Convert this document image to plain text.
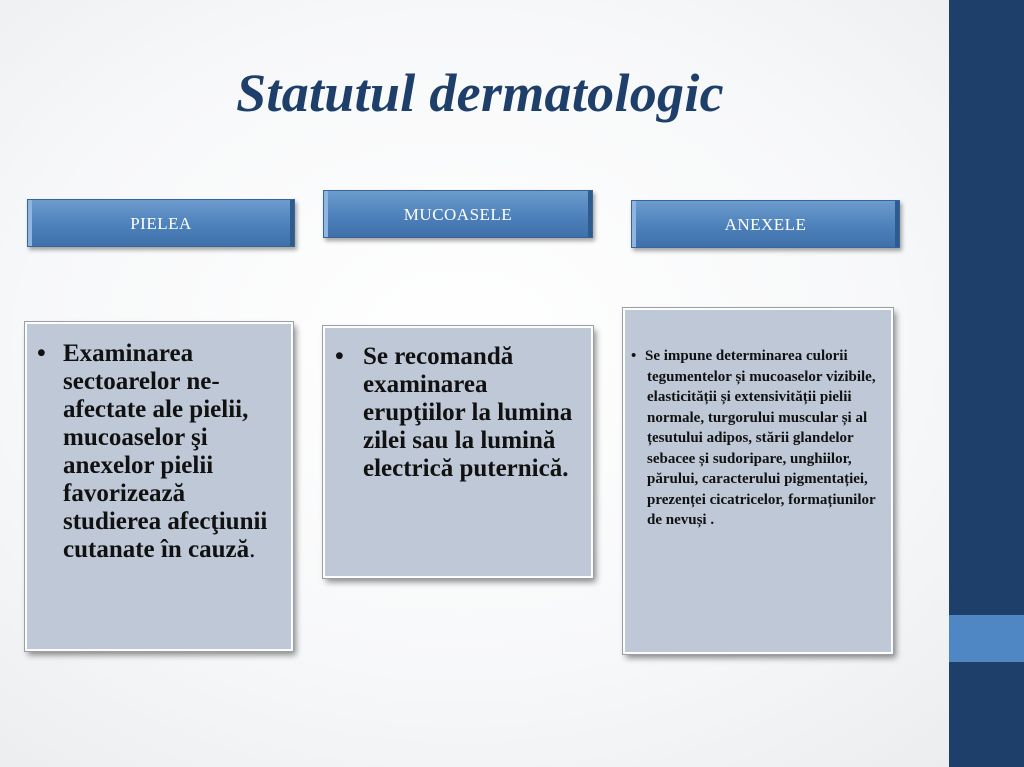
Statutul dermatologic
PIELEA	MUCOASELE
ANEXELE
• Examinarea sectoarelor ne-afectate ale pielii, mucoaselor şi anexelor pielii favorizează studierea afecţiunii cutanate în cauză.
• Se recomandă examinarea erupţiilor la lumina zilei sau la lumină electrică puternică.
• Se impune determinarea culorii tegumentelor și mucoaselor vizibile, elasticității și extensivității pielii normale, turgorului muscular și al țesutului adipos, stării glandelor sebacee și sudoripare, unghiilor, părului, caracterului pigmentației, prezenței cicatricelor, formațiunilor de nevuși .
